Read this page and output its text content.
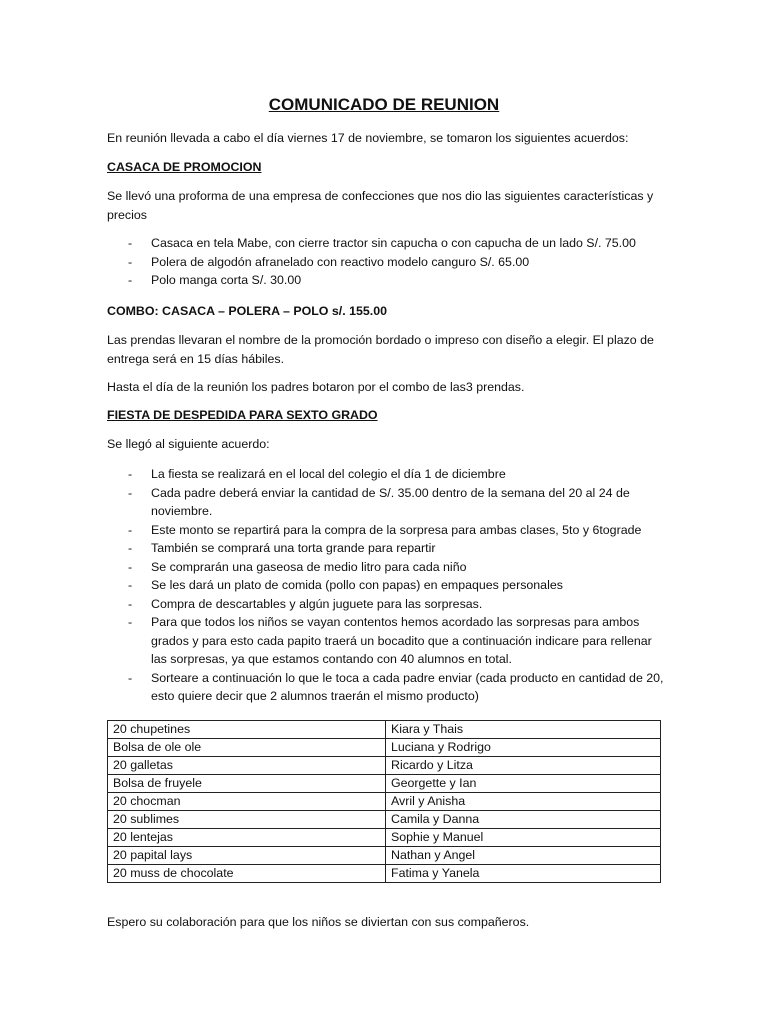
COMUNICADO DE REUNION

En reunión llevada a cabo el día viernes 17 de noviembre, se tomaron los siguientes acuerdos:

CASACA DE PROMOCION

Se llevó una proforma de una empresa de confecciones que nos dio las siguientes características y precios

- Casaca en tela Mabe, con cierre tractor sin capucha o con capucha de un lado S/. 75.00
- Polera de algodón afranelado con reactivo modelo canguro S/. 65.00
- Polo manga corta S/. 30.00

COMBO: CASACA – POLERA – POLO s/. 155.00

Las prendas llevaran el nombre de la promoción bordado o impreso con diseño a elegir. El plazo de entrega será en 15 días hábiles.

Hasta el día de la reunión los padres botaron por el combo de las3 prendas.

FIESTA DE DESPEDIDA PARA SEXTO GRADO

Se llegó al siguiente acuerdo:

- La fiesta se realizará en el local del colegio el día 1 de diciembre
- Cada padre deberá enviar la cantidad de S/. 35.00 dentro de la semana del 20 al 24 de noviembre.
- Este monto se repartirá para la compra de la sorpresa para ambas clases, 5to y 6tograde
- También se comprará una torta grande para repartir
- Se comprarán una gaseosa de medio litro para cada niño
- Se les dará un plato de comida (pollo con papas) en empaques personales
- Compra de descartables y algún juguete para las sorpresas.
- Para que todos los niños se vayan contentos hemos acordado las sorpresas para ambos grados y para esto cada papito traerá un bocadito que a continuación indicare para rellenar las sorpresas, ya que estamos contando con 40 alumnos en total.
- Sorteare a continuación lo que le toca a cada padre enviar (cada producto en cantidad de 20, esto quiere decir que 2 alumnos traerán el mismo producto)
20 chupetines	Kiara y Thais
Bolsa de ole ole	Luciana y Rodrigo
20 galletas	Ricardo y Litza
Bolsa de fruyele	Georgette y Ian
20 chocman	Avril y Anisha
20 sublimes	Camila y Danna
20 lentejas	Sophie y Manuel
20 papital lays	Nathan y Angel
20 muss de chocolate	Fatima y Yanela

Espero su colaboración para que los niños se diviertan con sus compañeros.
